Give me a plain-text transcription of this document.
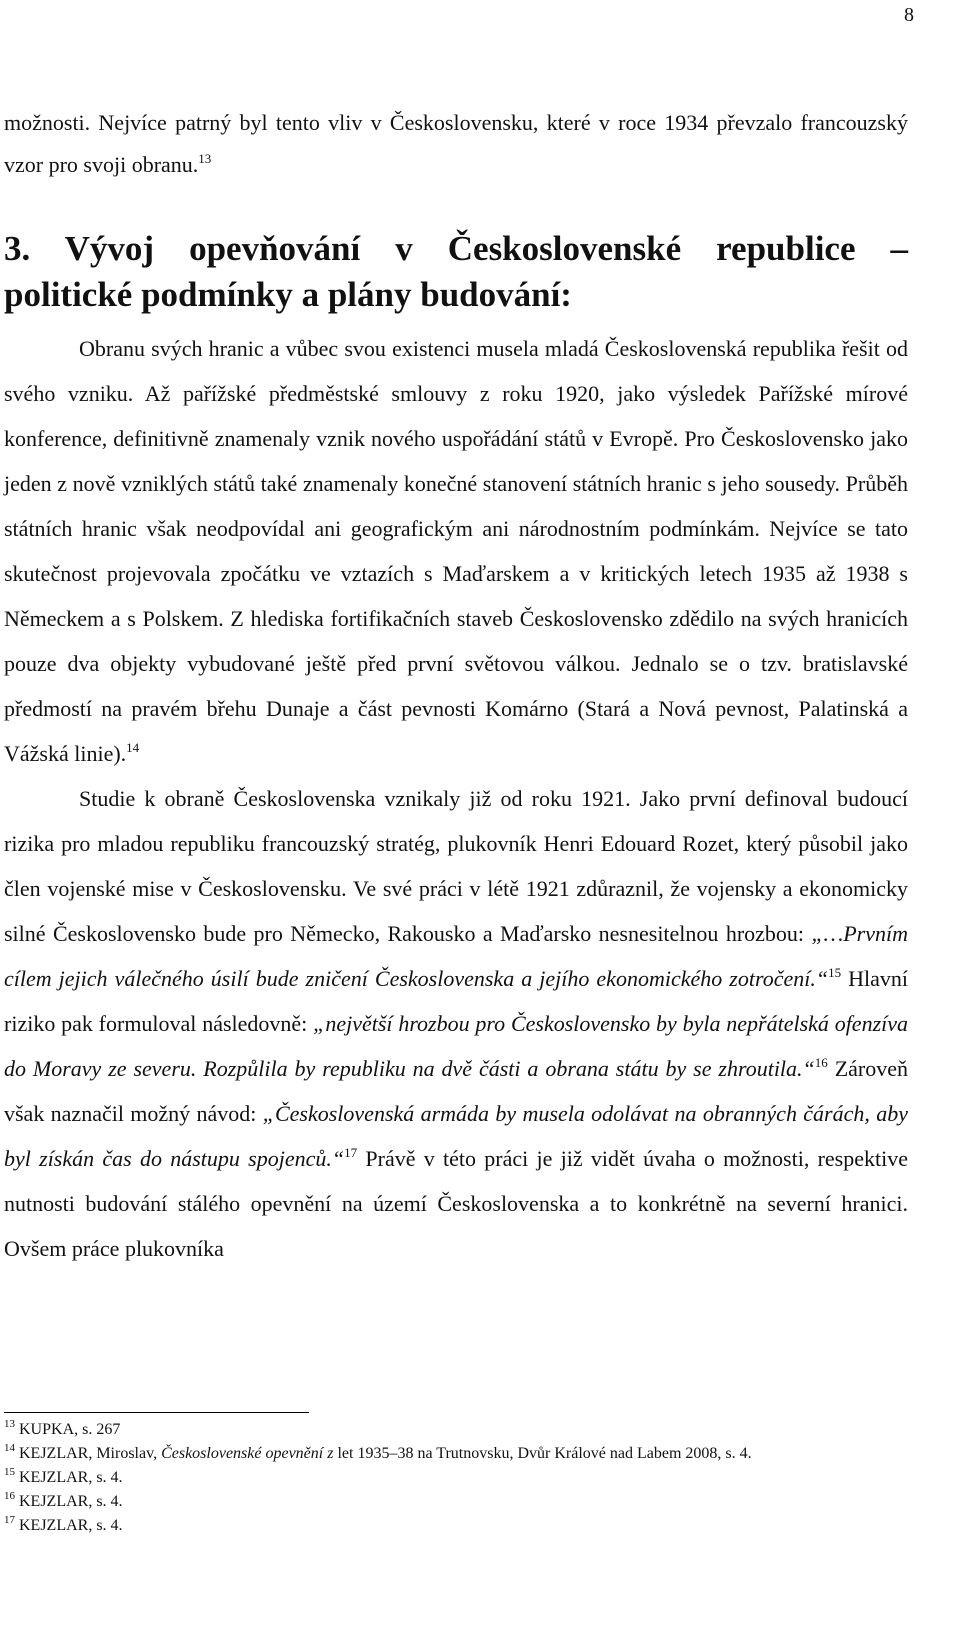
8
možnosti. Nejvíce patrný byl tento vliv v Československu, které v roce 1934 převzalo francouzský vzor pro svoji obranu.$^{13}$
3. Vývoj opevňování v Československé republice –
politické podmínky a plány budování:

Obranu svých hranic a vůbec svou existenci musela mladá Československá republika řešit od svého vzniku. Až pařížské předměstské smlouvy z roku 1920, jako výsledek Pařížské mírové konference, definitivně znamenaly vznik nového uspořádání států v Evropě. Pro Československo jako jeden z nově vzniklých států také znamenaly konečné stanovení státních hranic s jeho sousedy. Průběh státních hranic však neodpovídal ani geografickým ani národnostním podmínkám. Nejvíce se tato skutečnost projevovala zpočátku ve vztazích s Maďarskem a v kritických letech 1935 až 1938 s Německem a s Polskem. Z hlediska fortifikačních staveb Československo zdědilo na svých hranicích pouze dva objekty vybudované ještě před první světovou válkou. Jednalo se o tzv. bratislavské předmostí na pravém břehu Dunaje a část pevnosti Komárno (Stará a Nová pevnost, Palatinská a Vážská linie).$^{14}$

Studie k obraně Československa vznikaly již od roku 1921. Jako první definoval budoucí rizika pro mladou republiku francouzský stratég, plukovník Henri Edouard Rozet, který působil jako člen vojenské mise v Československu. Ve své práci v létě 1921 zdůraznil, že vojensky a ekonomicky silné Československo bude pro Německo, Rakousko a Maďarsko nesnesitelnou hrozbou: „…Prvním cílem jejich válečného úsilí bude zničení Československa a jejího ekonomického zotročení.“$^{15}$ Hlavní riziko pak formuloval následovně: „největší hrozbou pro Československo by byla nepřátelská ofenzíva do Moravy ze severu. Rozpůlila by republiku na dvě části a obrana státu by se zhroutila.“$^{16}$ Zároveň však naznačil možný návod: „Československá armáda by musela odolávat na obranných čárách, aby byl získán čas do nástupu spojenců.“$^{17}$ Právě v této práci je již vidět úvaha o možnosti, respektive nutnosti budování stálého opevnění na území Československa a to konkrétně na severní hranici. Ovšem práce plukovníka

$^{13}$ KUPKA, s. 267
$^{14}$ KEJZLAR, Miroslav, Československé opevnění z let 1935–38 na Trutnovsku, Dvůr Králové nad Labem 2008, s. 4.
$^{15}$ KEJZLAR, s. 4.
$^{16}$ KEJZLAR, s. 4.
$^{17}$ KEJZLAR, s. 4.
